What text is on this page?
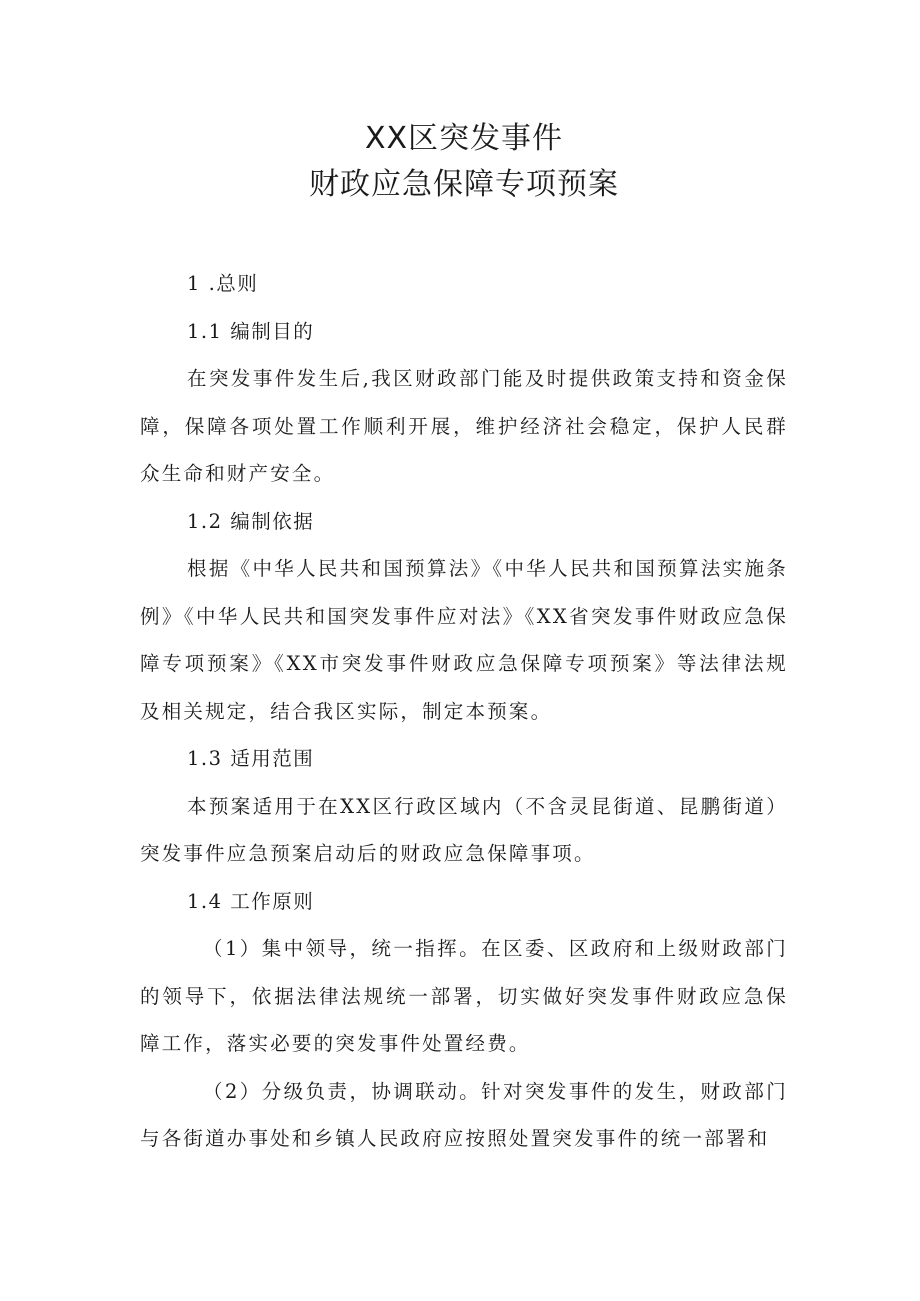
XX区突发事件
财政应急保障专项预案

1 .总则

1.1 编制目的

在突发事件发生后,我区财政部门能及时提供政策支持和资金保障，保障各项处置工作顺利开展，维护经济社会稳定，保护人民群众生命和财产安全。

1.2 编制依据

根据《中华人民共和国预算法》《中华人民共和国预算法实施条例》《中华人民共和国突发事件应对法》《XX省突发事件财政应急保障专项预案》《XX市突发事件财政应急保障专项预案》等法律法规及相关规定，结合我区实际，制定本预案。

1.3 适用范围

本预案适用于在XX区行政区域内（不含灵昆街道、昆鹏街道）突发事件应急预案启动后的财政应急保障事项。

1.4 工作原则

（1）集中领导，统一指挥。在区委、区政府和上级财政部门的领导下，依据法律法规统一部署，切实做好突发事件财政应急保障工作，落实必要的突发事件处置经费。

（2）分级负责，协调联动。针对突发事件的发生，财政部门与各街道办事处和乡镇人民政府应按照处置突发事件的统一部署和
